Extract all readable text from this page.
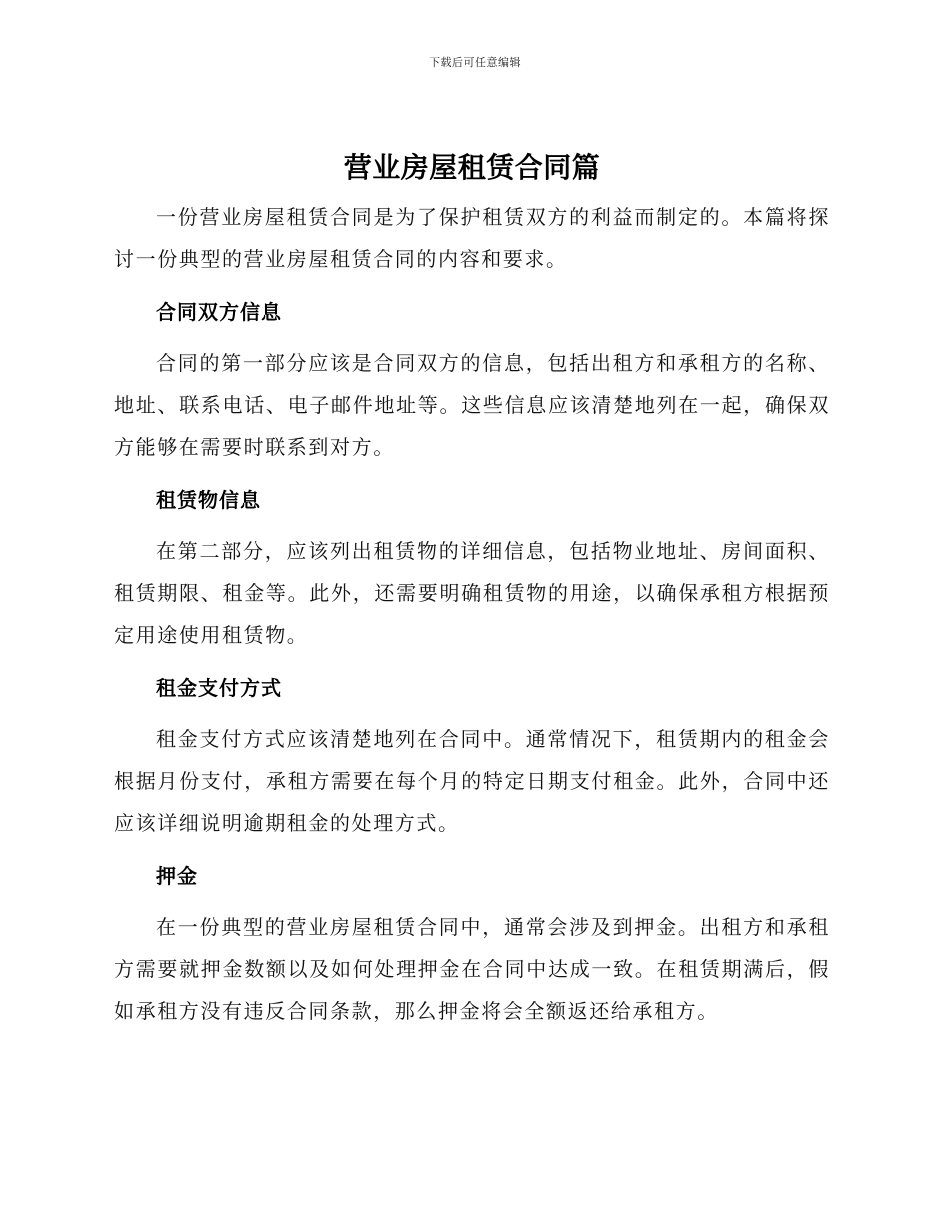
下载后可任意编辑
营业房屋租赁合同篇

一份营业房屋租赁合同是为了保护租赁双方的利益而制定的。本篇将探讨一份典型的营业房屋租赁合同的内容和要求。

合同双方信息

合同的第一部分应该是合同双方的信息，包括出租方和承租方的名称、地址、联系电话、电子邮件地址等。这些信息应该清楚地列在一起，确保双方能够在需要时联系到对方。

租赁物信息

在第二部分，应该列出租赁物的详细信息，包括物业地址、房间面积、租赁期限、租金等。此外，还需要明确租赁物的用途，以确保承租方根据预定用途使用租赁物。

租金支付方式

租金支付方式应该清楚地列在合同中。通常情况下，租赁期内的租金会根据月份支付，承租方需要在每个月的特定日期支付租金。此外，合同中还应该详细说明逾期租金的处理方式。

押金

在一份典型的营业房屋租赁合同中，通常会涉及到押金。出租方和承租方需要就押金数额以及如何处理押金在合同中达成一致。在租赁期满后，假如承租方没有违反合同条款，那么押金将会全额返还给承租方。
